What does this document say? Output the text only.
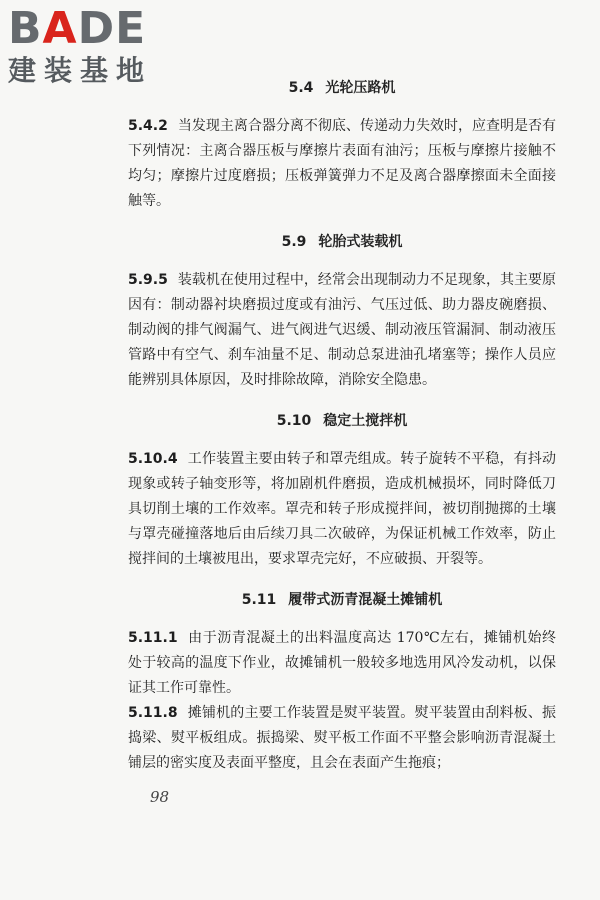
BADE
建装基地
5.4 光轮压路机

5.4.2 当发现主离合器分离不彻底、传递动力失效时，应查明是否有下列情况：主离合器压板与摩擦片表面有油污；压板与摩擦片接触不均匀；摩擦片过度磨损；压板弹簧弹力不足及离合器摩擦面未全面接触等。

5.9 轮胎式装载机

5.9.5 装载机在使用过程中，经常会出现制动力不足现象，其主要原因有：制动器衬块磨损过度或有油污、气压过低、助力器皮碗磨损、制动阀的排气阀漏气、进气阀进气迟缓、制动液压管漏洞、制动液压管路中有空气、刹车油量不足、制动总泵进油孔堵塞等；操作人员应能辨别具体原因，及时排除故障，消除安全隐患。

5.10 稳定土搅拌机

5.10.4 工作装置主要由转子和罩壳组成。转子旋转不平稳，有抖动现象或转子轴变形等，将加剧机件磨损，造成机械损坏，同时降低刀具切削土壤的工作效率。罩壳和转子形成搅拌间，被切削抛掷的土壤与罩壳碰撞落地后由后续刀具二次破碎，为保证机械工作效率，防止搅拌间的土壤被甩出，要求罩壳完好，不应破损、开裂等。

5.11 履带式沥青混凝土摊铺机

5.11.1 由于沥青混凝土的出料温度高达 170℃左右，摊铺机始终处于较高的温度下作业，故摊铺机一般较多地选用风冷发动机，以保证其工作可靠性。

5.11.8 摊铺机的主要工作装置是熨平装置。熨平装置由刮料板、振捣梁、熨平板组成。振捣梁、熨平板工作面不平整会影响沥青混凝土铺层的密实度及表面平整度，且会在表面产生拖痕；

98
